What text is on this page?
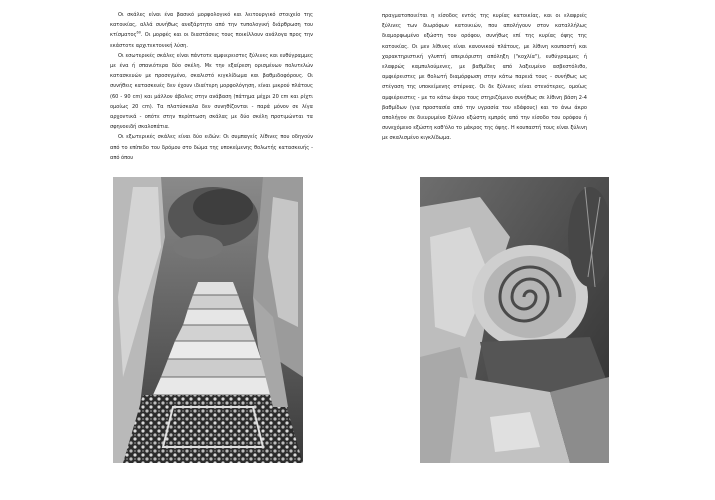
Οι σκάλες είναι ένα βασικό μορφολογικό και λειτουργικό στοιχείο της κατοικίας, αλλά συνήθως ανεξάρτητο από την τυπολογική διάρθρωση του κτίσματος$^{60}$. Οι μορφές και οι διαστάσεις τους ποικίλλουν ανάλογα προς την εκάστοτε αρχιτεκτονική λύση.

Οι εσωτερικές σκάλες είναι πάντοτε αμφιερειστες ξύλινες και ευθύγραμμες με ένα ή σπανιότερα δύο σκέλη. Με την εξαίρεση ορισμένων πολυτελών κατασκευών με προσεγμένο, σκαλιστό κιγκλίδωμα και βαθμιδοφόρους. Οι συνήθεις κατασκευές δεν έχουν ιδιαίτερη μορφολόγηση, είναι μικρού πλάτους (60 - 90 cm) και μάλλον άβολες στην ανάβαση (πάτημα μέχρι 20 cm και ρίχτι ομοίως 20 cm). Τα πλατύσκαλα δεν συνηθίζονται - παρά μόνον σε λίγα αρχοντικά - οπότε στην περίπτωση σκάλας με δύο σκέλη προτιμώνται τα σφηνοειδή σκαλοπάτια.

Οι εξωτερικές σκάλες είναι δύο ειδών: Οι συμπαγείς λίθινες που οδηγούν από το επίπεδο του δρόμου στο δώμα της υποκείμενης θολωτής κατασκευής - από όπου

πραγματοποιείται η είσοδος εντός της κυρίας κατοικίας, και οι ελαφριές ξύλινες των διωρόφων κατοικιών, που απολήγουν στον καταλλήλως διαμορφωμένο εξώστη του ορόφου, συνήθως επί της κυρίας όψης της κατοικίας. Οι μεν λίθινες είναι κανονικού πλάτους, με λίθινη κουπαστή και χαρακτηριστική γλυπτή απεριόριστη απόληξη ("κοχλία"), ευθύγραμμες ή ελαφρώς καμπυλούμενες, με βαθμίδες από λαξευμένο ασβεστόλιθο, αμφιέρειστες με θολωτή διαμόρφωση στην κάτω παρειά τους - συνήθως ως στέγαση της υποκείμενης στέρνας. Οι δε ξύλινες είναι στενότερες, ομοίως αμφιέρειστες - με το κάτω άκρο τους στηριζόμενο συνήθως σε λίθινη βάση 2-4 βαθμίδων (για προστασία από την υγρασία του εδάφους) και το άνω άκρο απολήγον σε διευρυμένο ξύλινο εξώστη εμπρός από την είσοδο του ορόφου ή συνεχόμενο εξώστη καθ'όλο το μάκρος της όψης. Η κουπαστή τους είναι ξύλινη με σκαλισμένο κιγκλίδωμα.
